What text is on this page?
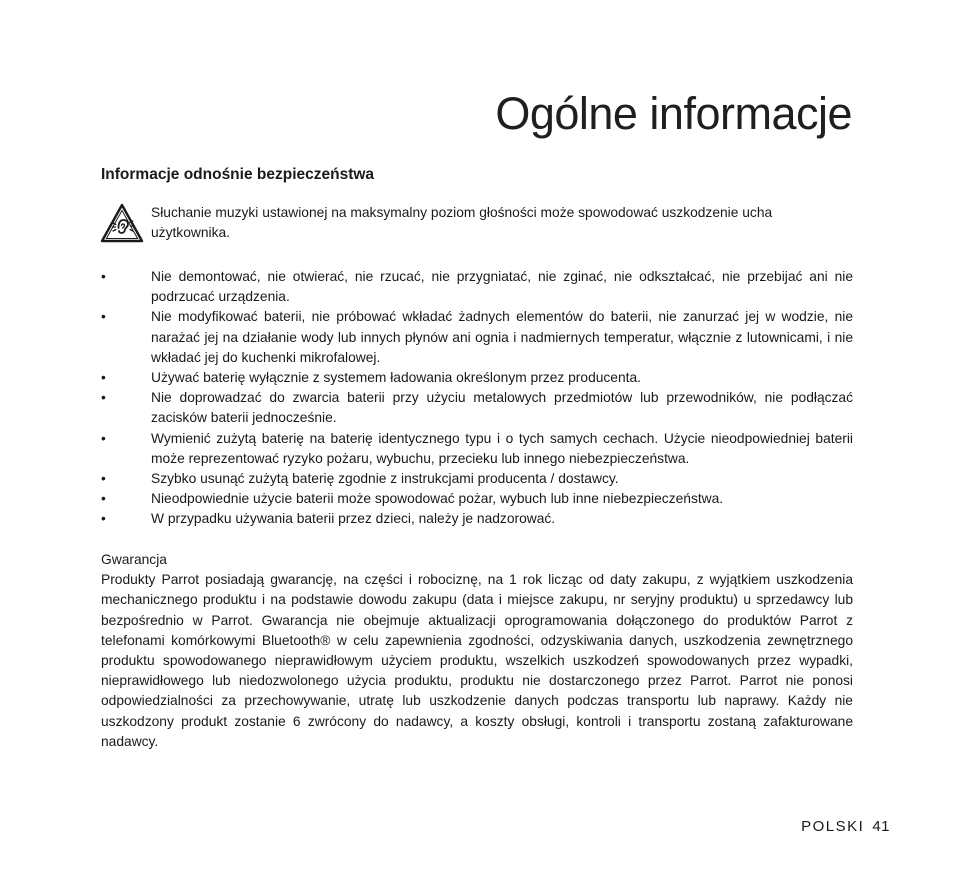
Ogólne informacje
Informacje odnośnie bezpieczeństwa
Słuchanie muzyki ustawionej na maksymalny poziom głośności może spowodować uszkodzenie ucha użytkownika.
•	Nie demontować, nie otwierać, nie rzucać, nie przygniatać, nie zginać, nie odkształcać, nie przebijać ani nie podrzucać urządzenia.
•	Nie modyfikować baterii, nie próbować wkładać żadnych elementów do baterii, nie zanurzać jej w wodzie, nie narażać jej na działanie wody lub innych płynów ani ognia i nadmiernych temperatur, włącznie z lutownicami, i nie wkładać jej do kuchenki mikrofalowej.
•	Używać baterię wyłącznie z systemem ładowania określonym przez producenta.
•	Nie doprowadzać do zwarcia baterii przy użyciu metalowych przedmiotów lub przewodników, nie podłączać zacisków baterii jednocześnie.
•	Wymienić zużytą baterię na baterię identycznego typu i o tych samych cechach. Użycie nieodpowiedniej baterii może reprezentować ryzyko pożaru, wybuchu, przecieku lub innego niebezpieczeństwa.
•	Szybko usunąć zużytą baterię zgodnie z instrukcjami producenta / dostawcy.
•	Nieodpowiednie użycie baterii może spowodować pożar, wybuch lub inne niebezpieczeństwa.
•	W przypadku używania baterii przez dzieci, należy je nadzorować.
Gwarancja
Produkty Parrot posiadają gwarancję, na części i robociznę, na 1 rok licząc od daty zakupu, z wyjątkiem uszkodzenia mechanicznego produktu i na podstawie dowodu zakupu (data i miejsce zakupu, nr seryjny produktu) u sprzedawcy lub bezpośrednio w Parrot. Gwarancja nie obejmuje aktualizacji oprogramowania dołączonego do produktów Parrot z telefonami komórkowymi Bluetooth® w celu zapewnienia zgodności, odzyskiwania danych, uszkodzenia zewnętrznego produktu spowodowanego nieprawidłowym użyciem produktu, wszelkich uszkodzeń spowodowanych przez wypadki, nieprawidłowego lub niedozwolonego użycia produktu, produktu nie dostarczonego przez Parrot. Parrot nie ponosi odpowiedzialności za przechowywanie, utratę lub uszkodzenie danych podczas transportu lub naprawy. Każdy nie uszkodzony produkt zostanie 6 zwrócony do nadawcy, a koszty obsługi, kontroli i transportu zostaną zafakturowane nadawcy.
POLSKI 41
